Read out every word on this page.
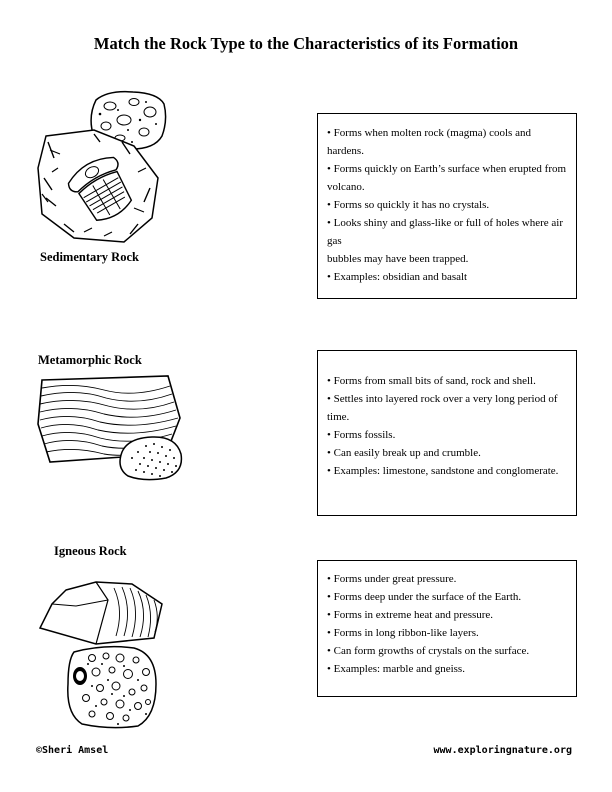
Match the Rock Type to the Characteristics of its Formation
Sedimentary Rock
Metamorphic Rock
Igneous Rock
• Forms when molten rock (magma) cools and hardens.
• Forms quickly on Earth’s surface when erupted from volcano.
• Forms so quickly it has no crystals.
• Looks shiny and glass-like or full of holes where air gas
bubbles may have been trapped.
• Examples: obsidian and basalt
• Forms from small bits of sand, rock and shell.
• Settles into layered rock over a very long period of time.
• Forms fossils.
• Can easily break up and crumble.
• Examples: limestone, sandstone and conglomerate.
• Forms under great pressure.
• Forms deep under the surface of the Earth.
• Forms in extreme heat and pressure.
• Forms in long ribbon-like layers.
• Can form growths of crystals on the surface.
• Examples: marble and gneiss.
©Sheri Amsel	www.exploringnature.org
